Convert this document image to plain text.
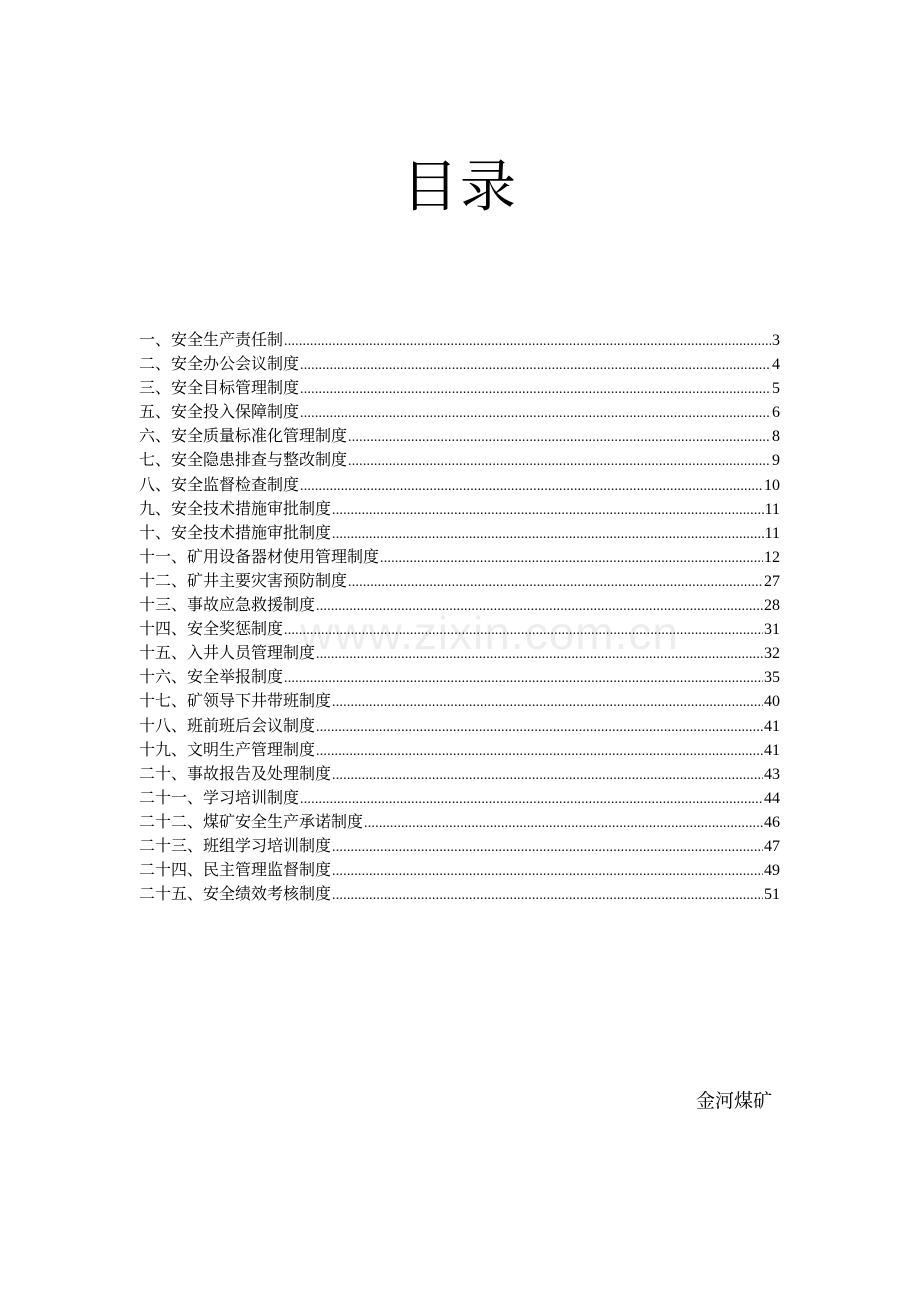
目录
一、安全生产责任制 .....	3
二、安全办公会议制度 .....	4
三、安全目标管理制度 .....	5
五、安全投入保障制度 .....	6
六、安全质量标准化管理制度 .....	8
七、安全隐患排查与整改制度 .....	9
八、安全监督检查制度 .....	10
九、安全技术措施审批制度 .....	11
十、安全技术措施审批制度 .....	11
十一、矿用设备器材使用管理制度 .....	12
十二、矿井主要灾害预防制度 .....	27
十三、事故应急救援制度 .....	28
十四、安全奖惩制度 .....	31
十五、入井人员管理制度 .....	32
十六、安全举报制度 .....	35
十七、矿领导下井带班制度 .....	40
十八、班前班后会议制度 .....	41
十九、文明生产管理制度 .....	41
二十、事故报告及处理制度 .....	43
二十一、学习培训制度 .....	44
二十二、煤矿安全生产承诺制度 .....	46
二十三、班组学习培训制度 .....	47
二十四、民主管理监督制度 .....	49
二十五、安全绩效考核制度 .....	51
www.zixin.com.cn
金河煤矿
